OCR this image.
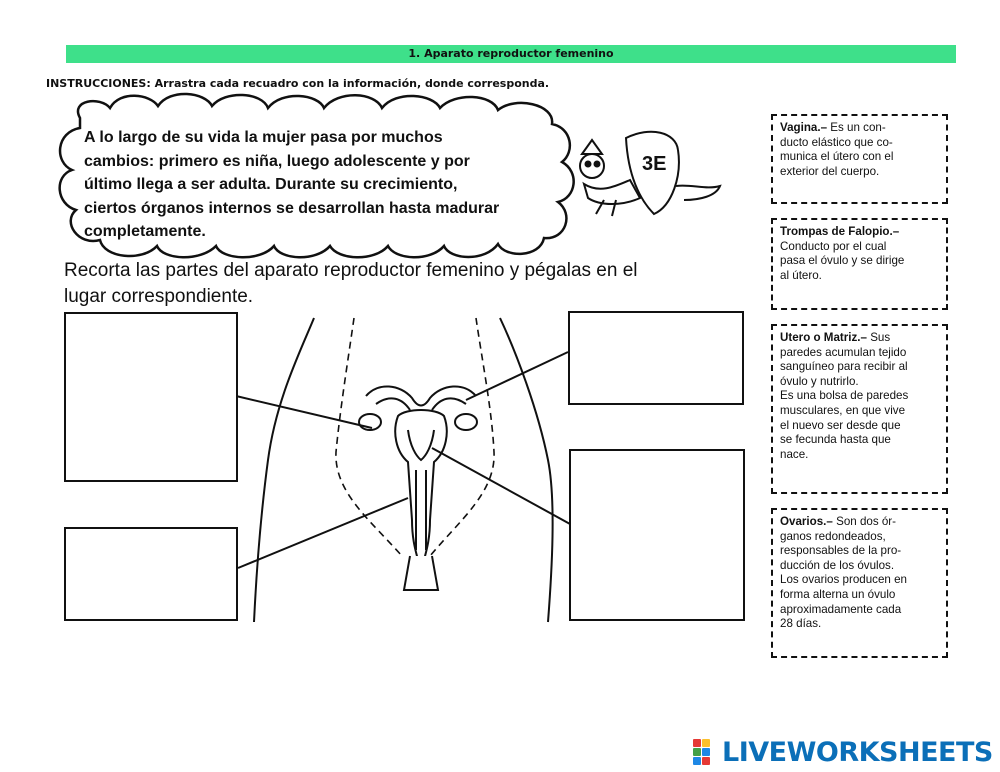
1. Aparato reproductor femenino
INSTRUCCIONES: Arrastra cada recuadro con la información, donde corresponda.
3E
A lo largo de su vida la mujer pasa por muchos
cambios: primero es niña, luego adolescente y por
último llega a ser adulta. Durante su crecimiento,
ciertos órganos internos se desarrollan hasta madurar
completamente.
Recorta las partes del aparato reproductor femenino y pégalas en el
lugar correspondiente.
Vagina.– Es un con-
ducto elástico que co-
munica el útero con el
exterior del cuerpo.
Trompas de Falopio.–
Conducto por el cual
pasa el óvulo y se dirige
al útero.
Utero o Matriz.– Sus
paredes acumulan tejido
sanguíneo para recibir al
óvulo y nutrirlo.
Es una bolsa de paredes
musculares, en que vive
el nuevo ser desde que
se fecunda hasta que
nace.
Ovarios.– Son dos ór-
ganos redondeados,
responsables de la pro-
ducción de los óvulos.
Los ovarios producen en
forma alterna un óvulo
aproximadamente cada
28 días.
LIVEWORKSHEETS
